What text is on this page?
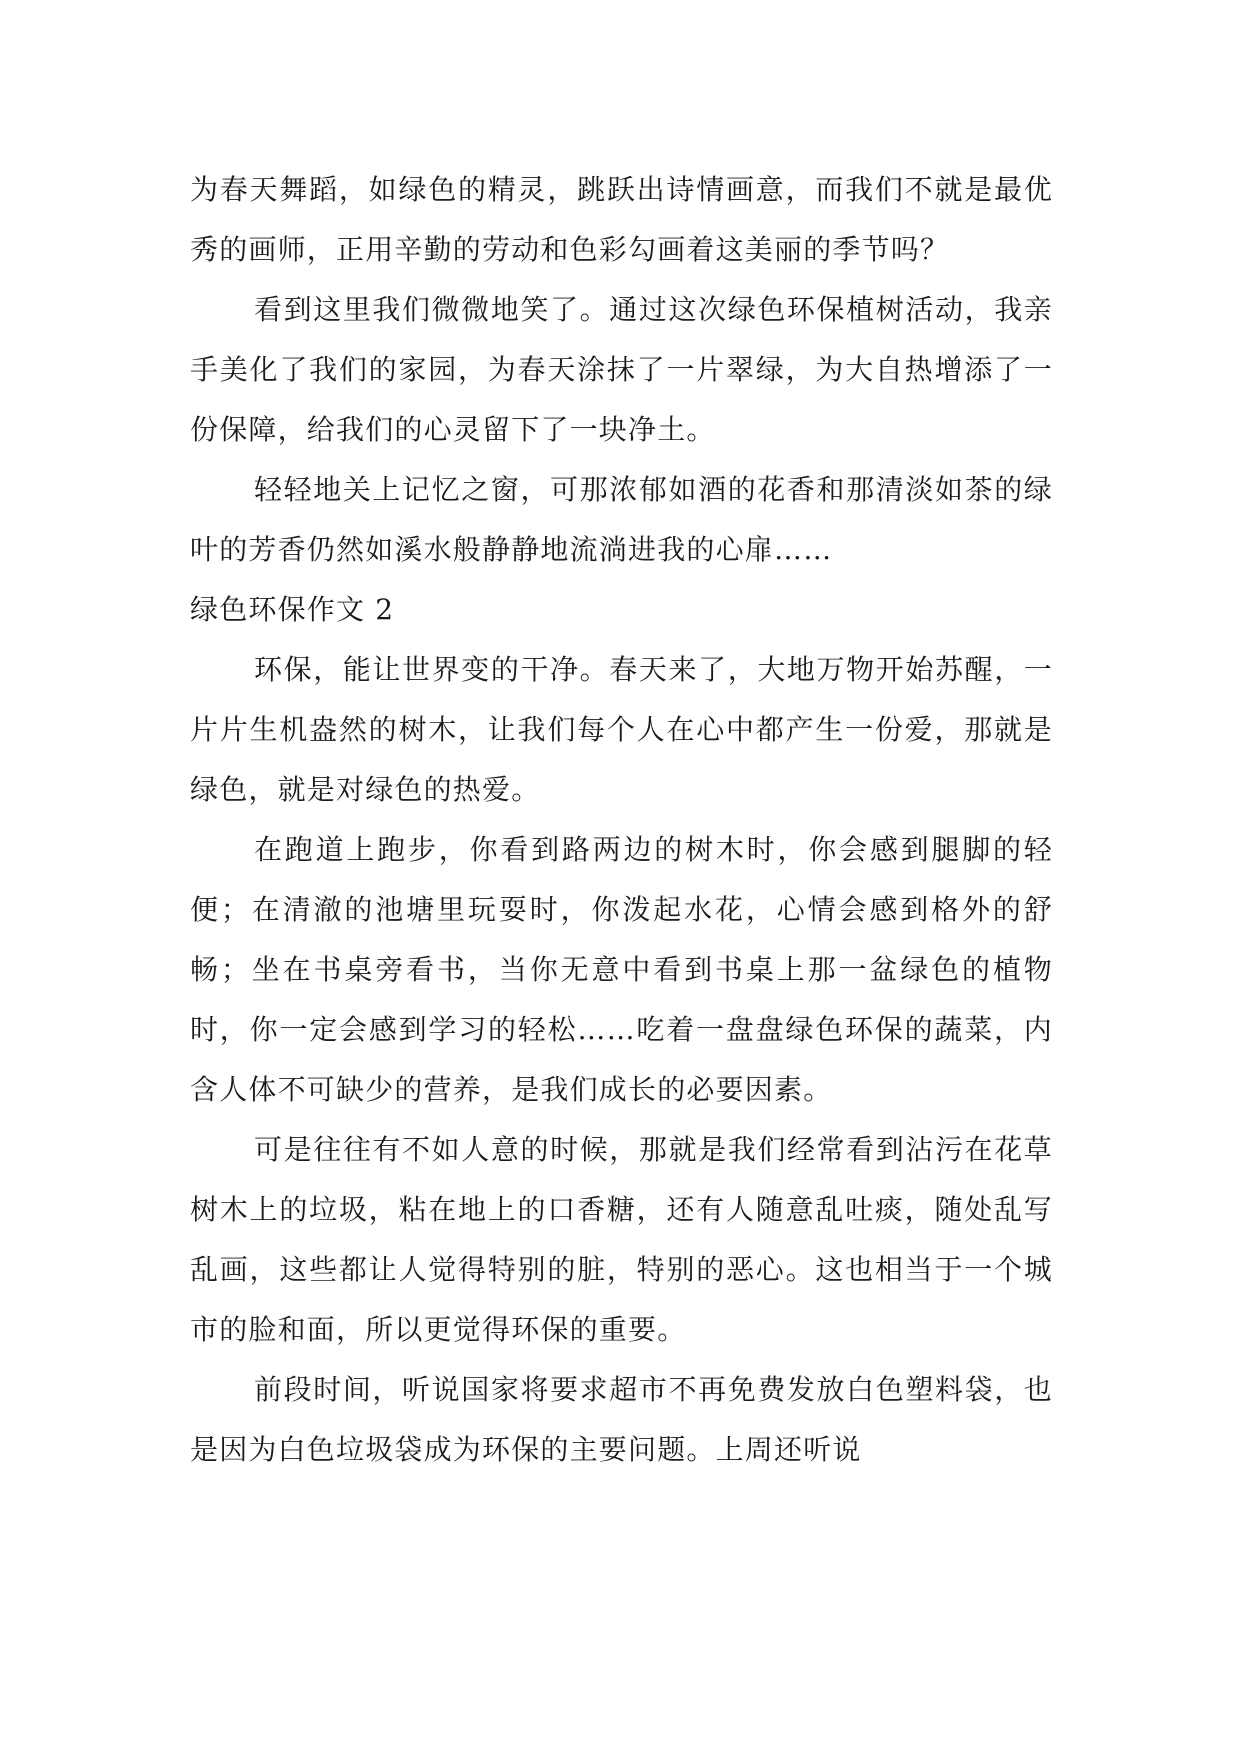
为春天舞蹈，如绿色的精灵，跳跃出诗情画意，而我们不就是最优秀的画师，正用辛勤的劳动和色彩勾画着这美丽的季节吗？

看到这里我们微微地笑了。通过这次绿色环保植树活动，我亲手美化了我们的家园，为春天涂抹了一片翠绿，为大自热增添了一份保障，给我们的心灵留下了一块净土。

轻轻地关上记忆之窗，可那浓郁如酒的花香和那清淡如茶的绿叶的芳香仍然如溪水般静静地流淌进我的心扉……

绿色环保作文 2

环保，能让世界变的干净。春天来了，大地万物开始苏醒，一片片生机盎然的树木，让我们每个人在心中都产生一份爱，那就是绿色，就是对绿色的热爱。

在跑道上跑步，你看到路两边的树木时，你会感到腿脚的轻便；在清澈的池塘里玩耍时，你泼起水花，心情会感到格外的舒畅；坐在书桌旁看书，当你无意中看到书桌上那一盆绿色的植物时，你一定会感到学习的轻松……吃着一盘盘绿色环保的蔬菜，内含人体不可缺少的营养，是我们成长的必要因素。

可是往往有不如人意的时候，那就是我们经常看到沾污在花草树木上的垃圾，粘在地上的口香糖，还有人随意乱吐痰，随处乱写乱画，这些都让人觉得特别的脏，特别的恶心。这也相当于一个城市的脸和面，所以更觉得环保的重要。

前段时间，听说国家将要求超市不再免费发放白色塑料袋，也是因为白色垃圾袋成为环保的主要问题。上周还听说
